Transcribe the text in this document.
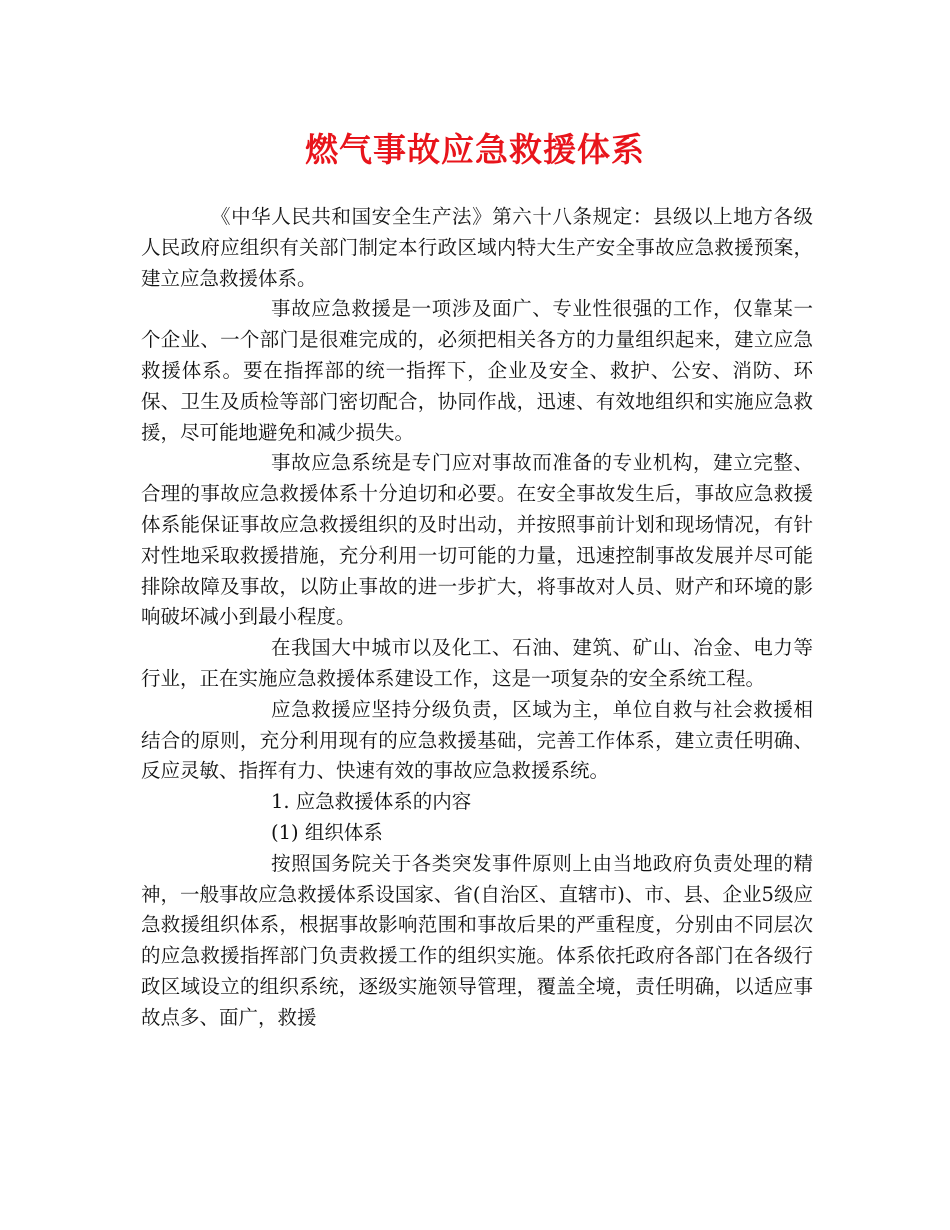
燃气事故应急救援体系

《中华人民共和国安全生产法》第六十八条规定：县级以上地方各级人民政府应组织有关部门制定本行政区域内特大生产安全事故应急救援预案，建立应急救援体系。

事故应急救援是一项涉及面广、专业性很强的工作，仅靠某一个企业、一个部门是很难完成的，必须把相关各方的力量组织起来，建立应急救援体系。要在指挥部的统一指挥下，企业及安全、救护、公安、消防、环保、卫生及质检等部门密切配合，协同作战，迅速、有效地组织和实施应急救援，尽可能地避免和减少损失。

事故应急系统是专门应对事故而准备的专业机构，建立完整、合理的事故应急救援体系十分迫切和必要。在安全事故发生后，事故应急救援体系能保证事故应急救援组织的及时出动，并按照事前计划和现场情况，有针对性地采取救援措施，充分利用一切可能的力量，迅速控制事故发展并尽可能排除故障及事故，以防止事故的进一步扩大，将事故对人员、财产和环境的影响破坏减小到最小程度。

在我国大中城市以及化工、石油、建筑、矿山、冶金、电力等行业，正在实施应急救援体系建设工作，这是一项复杂的安全系统工程。

应急救援应坚持分级负责，区域为主，单位自救与社会救援相结合的原则，充分利用现有的应急救援基础，完善工作体系，建立责任明确、反应灵敏、指挥有力、快速有效的事故应急救援系统。

1. 应急救援体系的内容

(1) 组织体系

按照国务院关于各类突发事件原则上由当地政府负责处理的精神，一般事故应急救援体系设国家、省(自治区、直辖市)、市、县、企业5级应急救援组织体系，根据事故影响范围和事故后果的严重程度，分别由不同层次的应急救援指挥部门负责救援工作的组织实施。体系依托政府各部门在各级行政区域设立的组织系统，逐级实施领导管理，覆盖全境，责任明确，以适应事故点多、面广，救援
